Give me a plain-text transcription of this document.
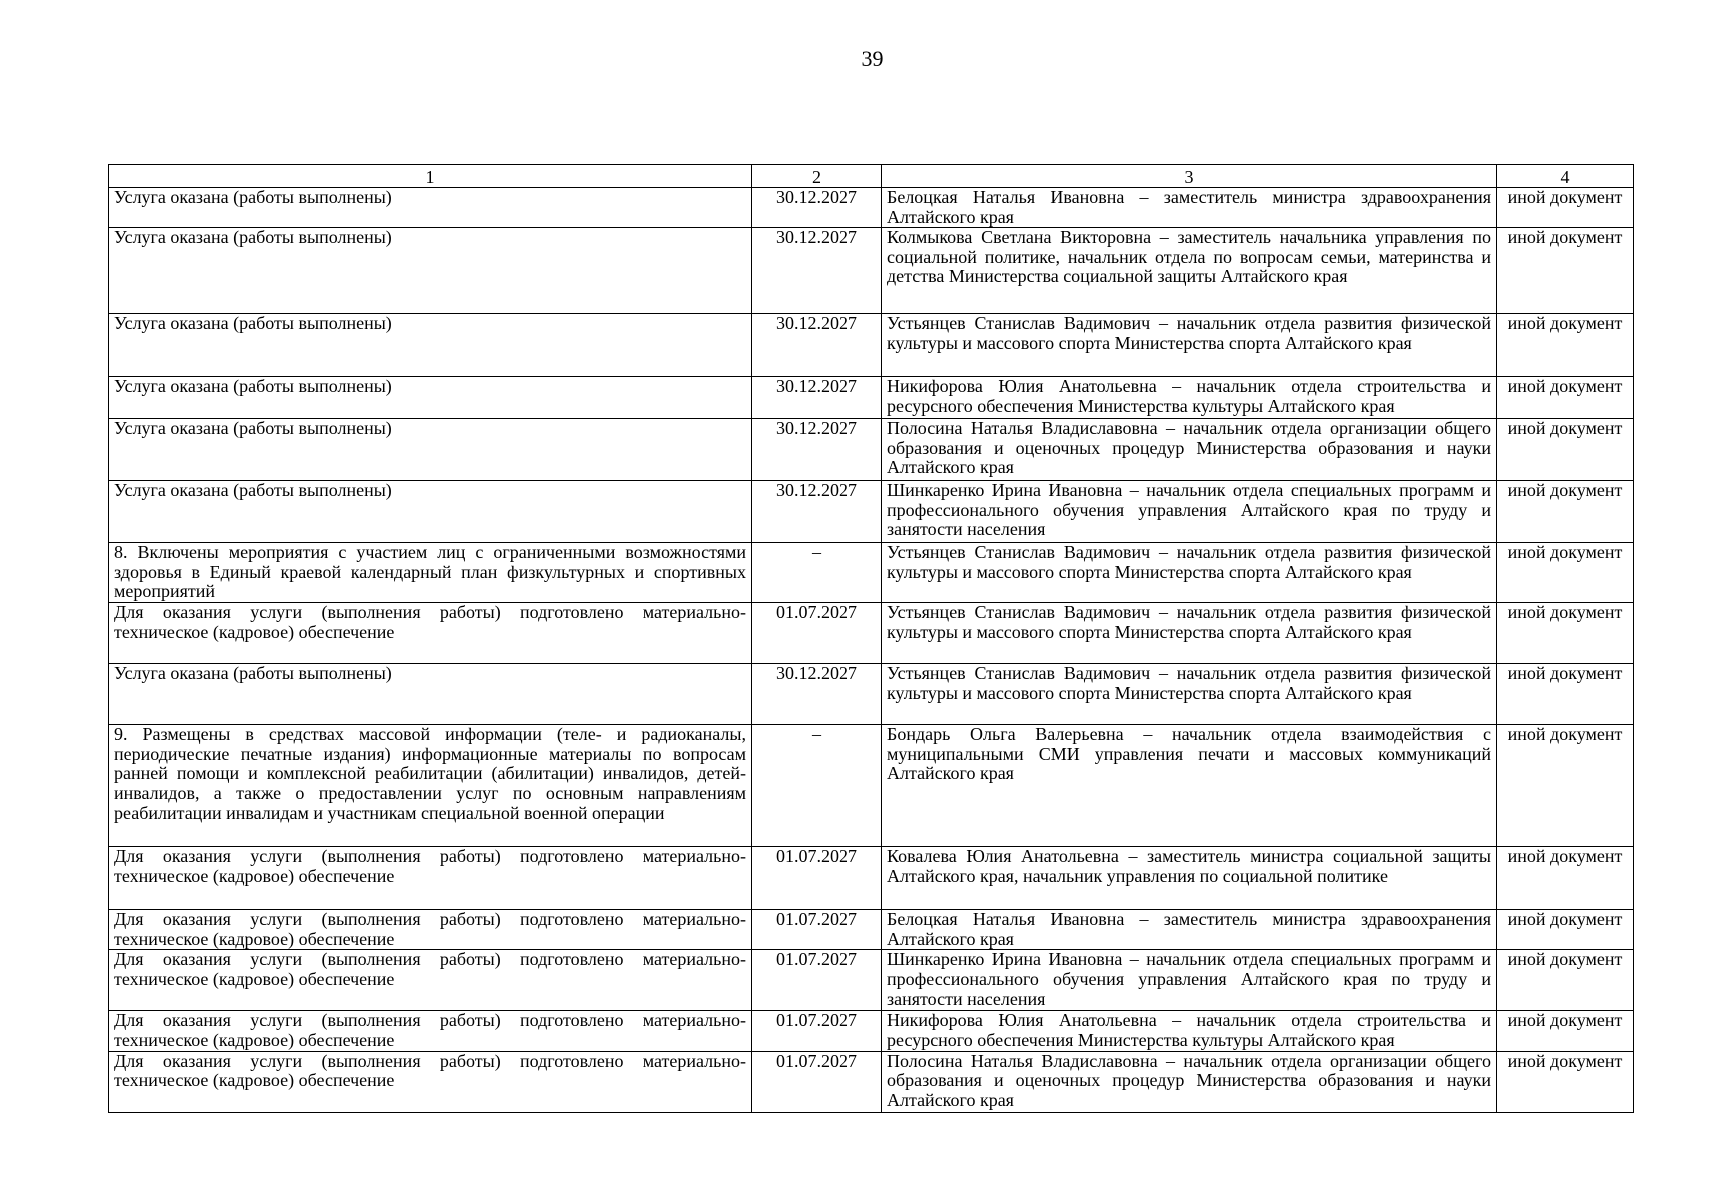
39
1	2	3	4
Услуга оказана (работы выполнены)	30.12.2027	Белоцкая Наталья Ивановна – заместитель министра здравоохранения Алтайского края	иной документ
Услуга оказана (работы выполнены)	30.12.2027	Колмыкова Светлана Викторовна – заместитель начальника управления по социальной политике, начальник отдела по вопросам семьи, материнства и детства Министерства социальной защиты Алтайского края	иной документ
Услуга оказана (работы выполнены)	30.12.2027	Устьянцев Станислав Вадимович – начальник отдела развития физической культуры и массового спорта Министерства спорта Алтайского края	иной документ
Услуга оказана (работы выполнены)	30.12.2027	Никифорова Юлия Анатольевна – начальник отдела строительства и ресурсного обеспечения Министерства культуры Алтайского края	иной документ
Услуга оказана (работы выполнены)	30.12.2027	Полосина Наталья Владиславовна – начальник отдела организации общего образования и оценочных процедур Министерства образования и науки Алтайского края	иной документ
Услуга оказана (работы выполнены)	30.12.2027	Шинкаренко Ирина Ивановна – начальник отдела специальных программ и профессионального обучения управления Алтайского края по труду и занятости населения	иной документ
8. Включены мероприятия с участием лиц с ограниченными возможностями здоровья в Единый краевой календарный план физкультурных и спортивных мероприятий	–	Устьянцев Станислав Вадимович – начальник отдела развития физической культуры и массового спорта Министерства спорта Алтайского края	иной документ
Для оказания услуги (выполнения работы) подготовлено материально-техническое (кадровое) обеспечение	01.07.2027	Устьянцев Станислав Вадимович – начальник отдела развития физической культуры и массового спорта Министерства спорта Алтайского края	иной документ
Услуга оказана (работы выполнены)	30.12.2027	Устьянцев Станислав Вадимович – начальник отдела развития физической культуры и массового спорта Министерства спорта Алтайского края	иной документ
9. Размещены в средствах массовой информации (теле- и радиоканалы, периодические печатные издания) информационные материалы по вопросам ранней помощи и комплексной реабилитации (абилитации) инвалидов, детей-инвалидов, а также о предоставлении услуг по основным направлениям реабилитации инвалидам и участникам специальной военной операции	–	Бондарь Ольга Валерьевна – начальник отдела взаимодействия с муниципальными СМИ управления печати и массовых коммуникаций Алтайского края	иной документ
Для оказания услуги (выполнения работы) подготовлено материально-техническое (кадровое) обеспечение	01.07.2027	Ковалева Юлия Анатольевна – заместитель министра социальной защиты Алтайского края, начальник управления по социальной политике	иной документ
Для оказания услуги (выполнения работы) подготовлено материально-техническое (кадровое) обеспечение	01.07.2027	Белоцкая Наталья Ивановна – заместитель министра здравоохранения Алтайского края	иной документ
Для оказания услуги (выполнения работы) подготовлено материально-техническое (кадровое) обеспечение	01.07.2027	Шинкаренко Ирина Ивановна – начальник отдела специальных программ и профессионального обучения управления Алтайского края по труду и занятости населения	иной документ
Для оказания услуги (выполнения работы) подготовлено материально-техническое (кадровое) обеспечение	01.07.2027	Никифорова Юлия Анатольевна – начальник отдела строительства и ресурсного обеспечения Министерства культуры Алтайского края	иной документ
Для оказания услуги (выполнения работы) подготовлено материально-техническое (кадровое) обеспечение	01.07.2027	Полосина Наталья Владиславовна – начальник отдела организации общего образования и оценочных процедур Министерства образования и науки Алтайского края	иной документ
